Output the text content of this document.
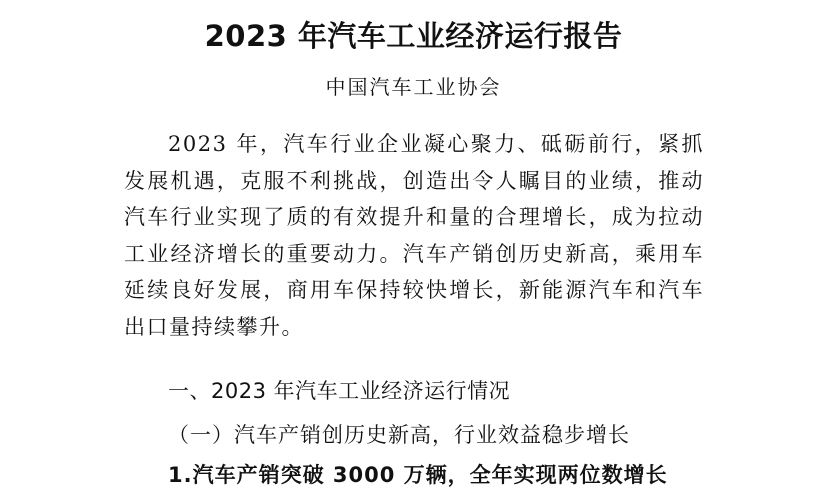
2023 年汽车工业经济运行报告
中国汽车工业协会

2023 年，汽车行业企业凝心聚力、砥砺前行，紧抓发展机遇，克服不利挑战，创造出令人瞩目的业绩，推动汽车行业实现了质的有效提升和量的合理增长，成为拉动工业经济增长的重要动力。汽车产销创历史新高，乘用车延续良好发展，商用车保持较快增长，新能源汽车和汽车出口量持续攀升。

一、2023 年汽车工业经济运行情况
（一）汽车产销创历史新高，行业效益稳步增长
1.汽车产销突破 3000 万辆，全年实现两位数增长
